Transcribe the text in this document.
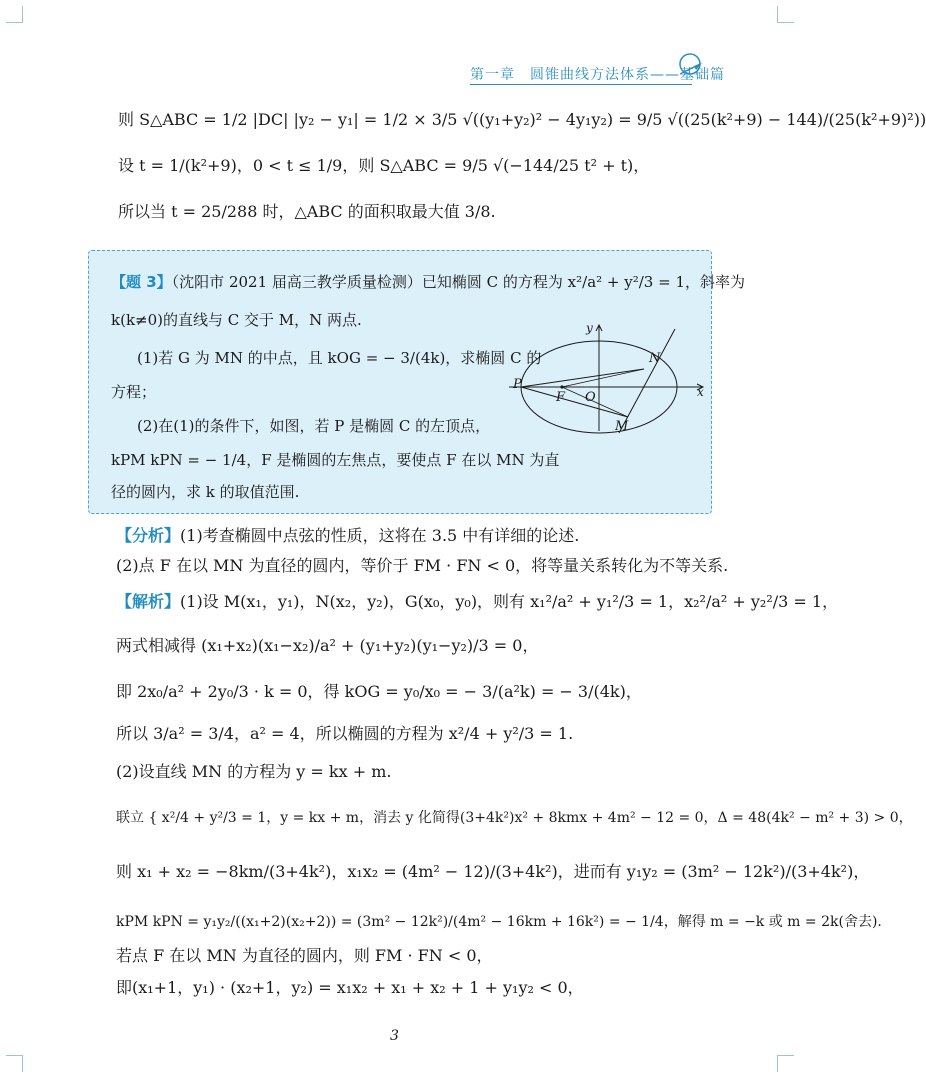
第一章　圆锥曲线方法体系——基础篇
则 S△ABC = 1/2 |DC| |y₂ − y₁| = 1/2 × 3/5 √((y₁+y₂)² − 4y₁y₂) = 9/5 √((25(k²+9) − 144)/(25(k²+9)²))
设 t = 1/(k²+9)，0 < t ≤ 1/9，则 S△ABC = 9/5 √(−144/25 t² + t)，
所以当 t = 25/288 时，△ABC 的面积取最大值 3/8.
【题 3】（沈阳市 2021 届高三教学质量检测）已知椭圆 C 的方程为 x²/a² + y²/3 = 1，斜率为
k(k≠0)的直线与 C 交于 M，N 两点.
(1)若 G 为 MN 的中点，且 kOG = − 3/(4k)，求椭圆 C 的
方程；
(2)在(1)的条件下，如图，若 P 是椭圆 C 的左顶点，
kPM kPN = − 1/4，F 是椭圆的左焦点，要使点 F 在以 MN 为直
径的圆内，求 k 的取值范围.
x
y
P
F O
N
M
【分析】(1)考查椭圆中点弦的性质，这将在 3.5 中有详细的论述.
(2)点 F 在以 MN 为直径的圆内，等价于 FM · FN < 0，将等量关系转化为不等关系.
【解析】(1)设 M(x₁，y₁)，N(x₂，y₂)，G(x₀，y₀)，则有 x₁²/a² + y₁²/3 = 1，x₂²/a² + y₂²/3 = 1，
两式相减得 (x₁+x₂)(x₁−x₂)/a² + (y₁+y₂)(y₁−y₂)/3 = 0，
即 2x₀/a² + 2y₀/3 · k = 0，得 kOG = y₀/x₀ = − 3/(a²k) = − 3/(4k)，
所以 3/a² = 3/4，a² = 4，所以椭圆的方程为 x²/4 + y²/3 = 1.
(2)设直线 MN 的方程为 y = kx + m.
联立 { x²/4 + y²/3 = 1，y = kx + m，消去 y 化简得(3+4k²)x² + 8kmx + 4m² − 12 = 0，Δ = 48(4k² − m² + 3) > 0，
则 x₁ + x₂ = −8km/(3+4k²)，x₁x₂ = (4m² − 12)/(3+4k²)，进而有 y₁y₂ = (3m² − 12k²)/(3+4k²)，
kPM kPN = y₁y₂/((x₁+2)(x₂+2)) = (3m² − 12k²)/(4m² − 16km + 16k²) = − 1/4，解得 m = −k 或 m = 2k(舍去).
若点 F 在以 MN 为直径的圆内，则 FM · FN < 0，
即(x₁+1，y₁) · (x₂+1，y₂) = x₁x₂ + x₁ + x₂ + 1 + y₁y₂ < 0，
3
